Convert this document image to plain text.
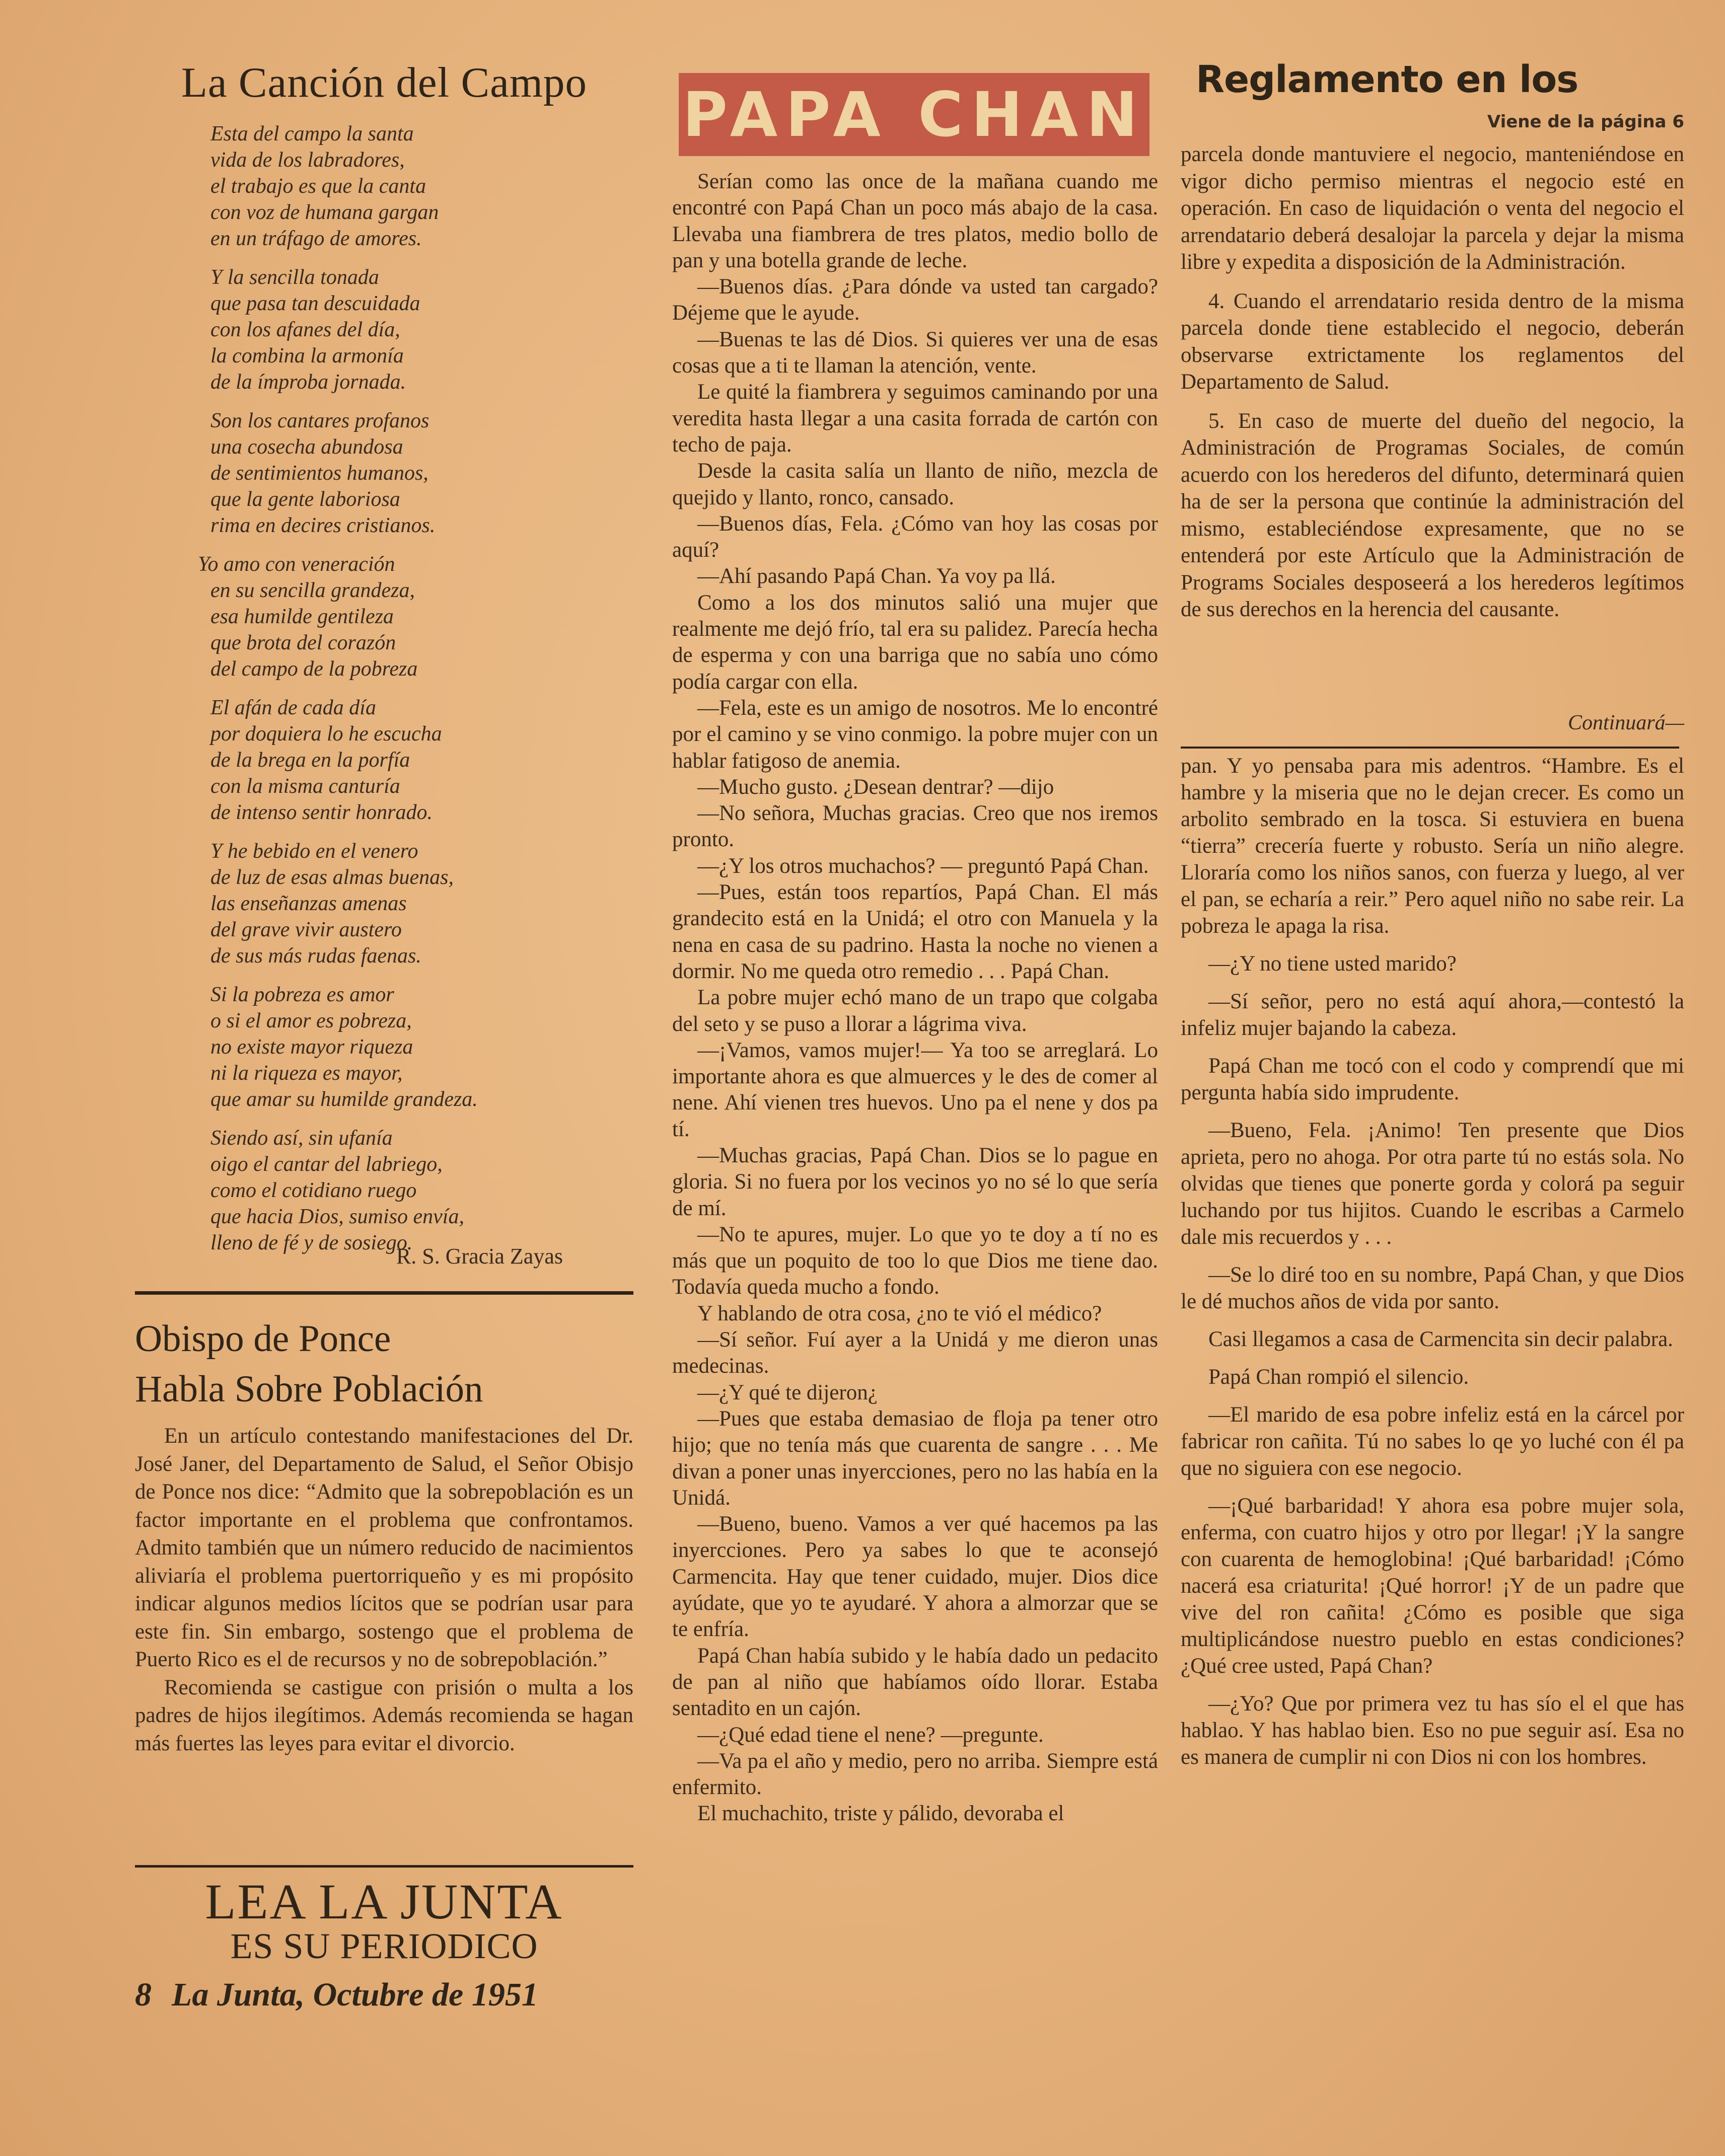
La Canción del Campo
Esta del campo la santa
vida de los labradores,
el trabajo es que la canta
con voz de humana gargan
en un tráfago de amores.
Y la sencilla tonada
que pasa tan descuidada
con los afanes del día,
la combina la armonía
de la ímproba jornada.
Son los cantares profanos
una cosecha abundosa
de sentimientos humanos,
que la gente laboriosa
rima en decires cristianos.
Yo amo con veneración
en su sencilla grandeza,
esa humilde gentileza
que brota del corazón
del campo de la pobreza
El afán de cada día
por doquiera lo he escucha
de la brega en la porfía
con la misma canturía
de intenso sentir honrado.
Y he bebido en el venero
de luz de esas almas buenas,
las enseñanzas amenas
del grave vivir austero
de sus más rudas faenas.
Si la pobreza es amor
o si el amor es pobreza,
no existe mayor riqueza
ni la riqueza es mayor,
que amar su humilde grandeza.
Siendo así, sin ufanía
oigo el cantar del labriego,
como el cotidiano ruego
que hacia Dios, sumiso envía,
lleno de fé y de sosiego.
R. S. Gracia Zayas
Obispo de Ponce
Habla Sobre Población

En un artículo contestando manifestaciones del Dr. José Janer, del Departamento de Salud, el Señor Obisjo de Ponce nos dice: “Admito que la sobrepoblación es un factor importante en el problema que confrontamos. Admito también que un número reducido de nacimientos aliviaría el problema puertorriqueño y es mi propósito indicar algunos medios lícitos que se podrían usar para este fin. Sin embargo, sostengo que el problema de Puerto Rico es el de recursos y no de sobrepoblación.”

Recomienda se castigue con prisión o multa a los padres de hijos ilegítimos. Además recomienda se hagan más fuertes las leyes para evitar el divorcio.

LEA LA JUNTA
ES SU PERIODICO
8 La Junta, Octubre de 1951
PAPA CHAN

Serían como las once de la mañana cuando me encontré con Papá Chan un poco más abajo de la casa. Llevaba una fiambrera de tres platos, medio bollo de pan y una botella grande de leche.

—Buenos días. ¿Para dónde va usted tan cargado? Déjeme que le ayude.

—Buenas te las dé Dios. Si quieres ver una de esas cosas que a ti te llaman la atención, vente.

Le quité la fiambrera y seguimos caminando por una veredita hasta llegar a una casita forrada de cartón con techo de paja.

Desde la casita salía un llanto de niño, mezcla de quejido y llanto, ronco, cansado.

—Buenos días, Fela. ¿Cómo van hoy las cosas por aquí?

—Ahí pasando Papá Chan. Ya voy pa llá.

Como a los dos minutos salió una mujer que realmente me dejó frío, tal era su palidez. Parecía hecha de esperma y con una barriga que no sabía uno cómo podía cargar con ella.

—Fela, este es un amigo de nosotros. Me lo encontré por el camino y se vino conmigo. la pobre mujer con un hablar fatigoso de anemia.

—Mucho gusto. ¿Desean dentrar? —dijo

—No señora, Muchas gracias. Creo que nos iremos pronto.

—¿Y los otros muchachos? — preguntó Papá Chan.

—Pues, están toos repartíos, Papá Chan. El más grandecito está en la Unidá; el otro con Manuela y la nena en casa de su padrino. Hasta la noche no vienen a dormir. No me queda otro remedio . . . Papá Chan.

La pobre mujer echó mano de un trapo que colgaba del seto y se puso a llorar a lágrima viva.

—¡Vamos, vamos mujer!— Ya too se arreglará. Lo importante ahora es que almuerces y le des de comer al nene. Ahí vienen tres huevos. Uno pa el nene y dos pa tí.

—Muchas gracias, Papá Chan. Dios se lo pague en gloria. Si no fuera por los vecinos yo no sé lo que sería de mí.

—No te apures, mujer. Lo que yo te doy a tí no es más que un poquito de too lo que Dios me tiene dao. Todavía queda mucho a fondo.

Y hablando de otra cosa, ¿no te vió el médico?

—Sí señor. Fuí ayer a la Unidá y me dieron unas medecinas.

—¿Y qué te dijeron¿

—Pues que estaba demasiao de floja pa tener otro hijo; que no tenía más que cuarenta de sangre . . . Me divan a poner unas inyercciones, pero no las había en la Unidá.

—Bueno, bueno. Vamos a ver qué hacemos pa las inyercciones. Pero ya sabes lo que te aconsejó Carmencita. Hay que tener cuidado, mujer. Dios dice ayúdate, que yo te ayudaré. Y ahora a almorzar que se te enfría.

Papá Chan había subido y le había dado un pedacito de pan al niño que habíamos oído llorar. Estaba sentadito en un cajón.

—¿Qué edad tiene el nene? —pregunte.

—Va pa el año y medio, pero no arriba. Siempre está enfermito.

El muchachito, triste y pálido, devoraba el

Reglamento en los
Viene de la página 6

parcela donde mantuviere el negocio, manteniéndose en vigor dicho permiso mientras el negocio esté en operación. En caso de liquidación o venta del negocio el arrendatario deberá desalojar la parcela y dejar la misma libre y expedita a disposición de la Administración.

4. Cuando el arrendatario resida dentro de la misma parcela donde tiene establecido el negocio, deberán observarse extrictamente los reglamentos del Departamento de Salud.

5. En caso de muerte del dueño del negocio, la Administración de Programas Sociales, de común acuerdo con los herederos del difunto, determinará quien ha de ser la persona que continúe la administración del mismo, estableciéndose expresamente, que no se entenderá por este Artículo que la Administración de Programs Sociales desposeerá a los herederos legítimos de sus derechos en la herencia del causante.

Continuará—

pan. Y yo pensaba para mis adentros. “Hambre. Es el hambre y la miseria que no le dejan crecer. Es como un arbolito sembrado en la tosca. Si estuviera en buena “tierra” crecería fuerte y robusto. Sería un niño alegre. Lloraría como los niños sanos, con fuerza y luego, al ver el pan, se echaría a reir.” Pero aquel niño no sabe reir. La pobreza le apaga la risa.

—¿Y no tiene usted marido?

—Sí señor, pero no está aquí ahora,—contestó la infeliz mujer bajando la cabeza.

Papá Chan me tocó con el codo y comprendí que mi pergunta había sido imprudente.

—Bueno, Fela. ¡Animo! Ten presente que Dios aprieta, pero no ahoga. Por otra parte tú no estás sola. No olvidas que tienes que ponerte gorda y colorá pa seguir luchando por tus hijitos. Cuando le escribas a Carmelo dale mis recuerdos y . . .

—Se lo diré too en su nombre, Papá Chan, y que Dios le dé muchos años de vida por santo.

Casi llegamos a casa de Carmencita sin decir palabra.

Papá Chan rompió el silencio.

—El marido de esa pobre infeliz está en la cárcel por fabricar ron cañita. Tú no sabes lo qe yo luché con él pa que no siguiera con ese negocio.

—¡Qué barbaridad! Y ahora esa pobre mujer sola, enferma, con cuatro hijos y otro por llegar! ¡Y la sangre con cuarenta de hemoglobina! ¡Qué barbaridad! ¡Cómo nacerá esa criaturita! ¡Qué horror! ¡Y de un padre que vive del ron cañita! ¿Cómo es posible que siga multiplicándose nuestro pueblo en estas condiciones? ¿Qué cree usted, Papá Chan?

—¿Yo? Que por primera vez tu has sío el el que has hablao. Y has hablao bien. Eso no pue seguir así. Esa no es manera de cumplir ni con Dios ni con los hombres.
